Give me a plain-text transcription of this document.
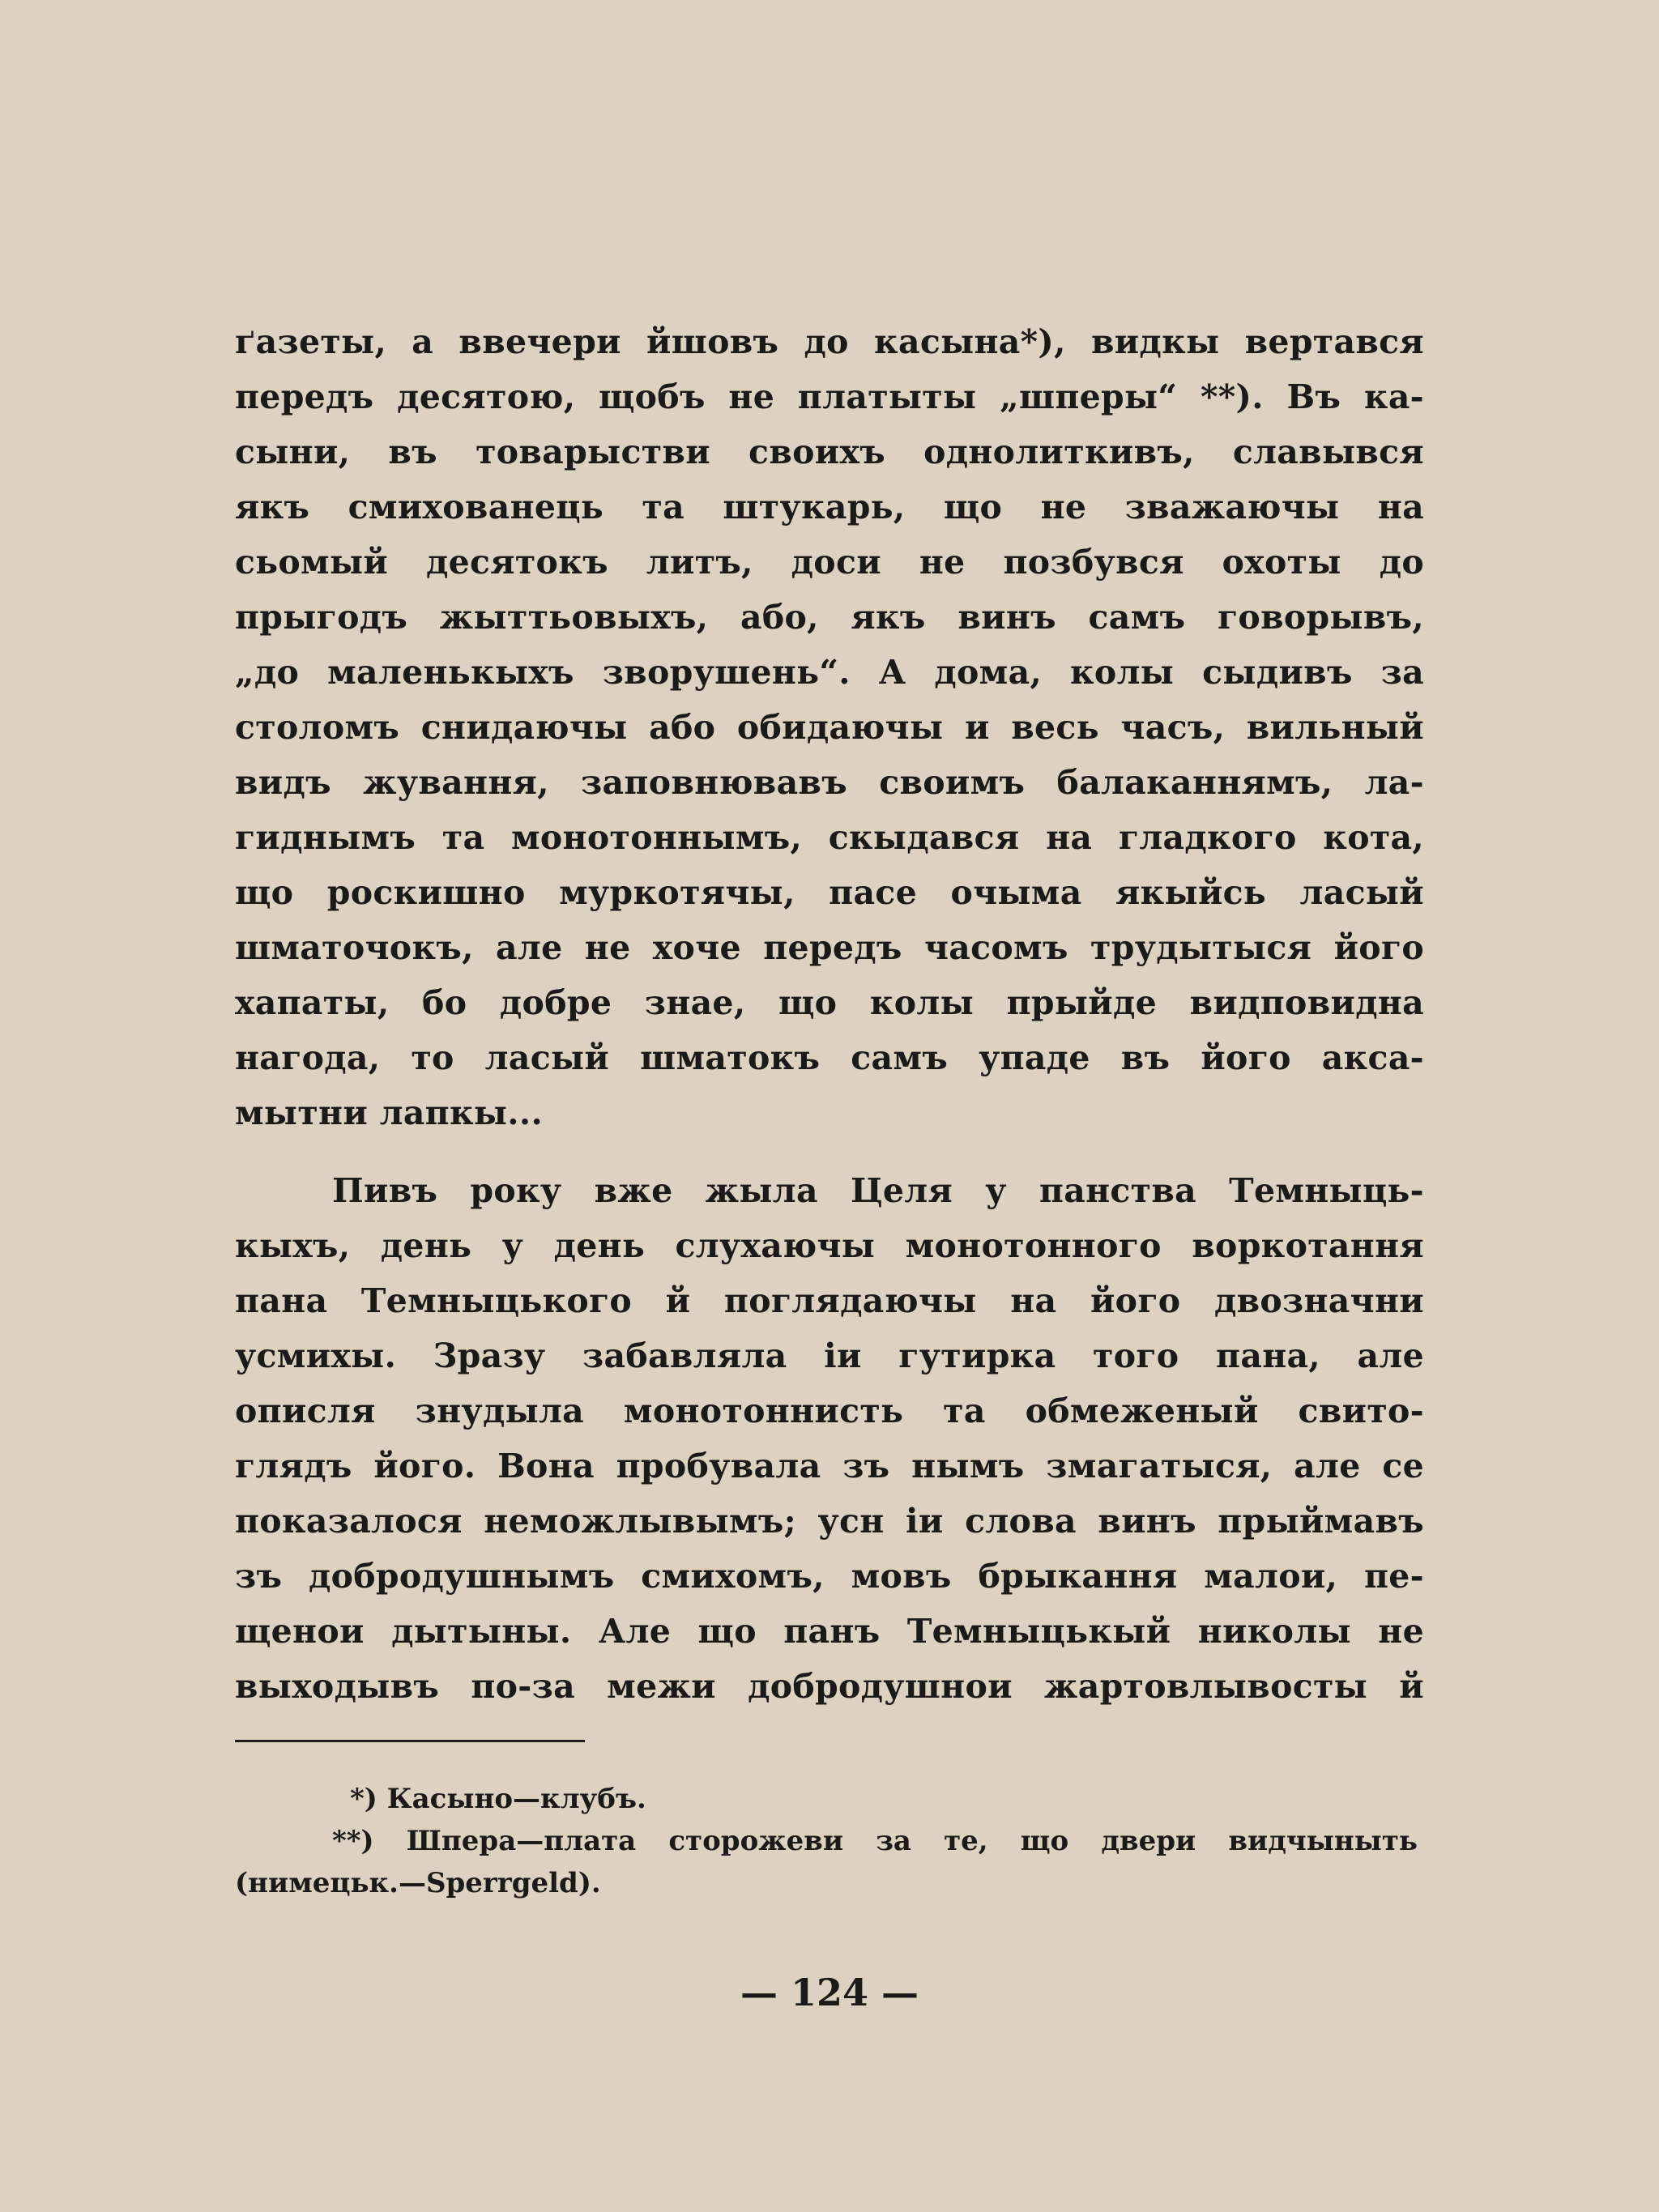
ґазеты, а ввечери йшовъ до касына*), видкы вертався
передъ десятою, щобъ не платыты „шперы“ **). Въ ка-
сыни, въ товарыстви своихъ однолиткивъ, славывся
якъ смихованець та штукарь, що не зважаючы на
сьомый десятокъ литъ, доси не позбувся охоты до
прыгодъ жыттьовыхъ, або, якъ винъ самъ говорывъ,
„до маленькыхъ зворушень“. А дома, колы сыдивъ за
столомъ снидаючы або обидаючы и весь часъ, вильный
видъ жування, заповнювавъ своимъ балаканнямъ, ла-
гиднымъ та монотоннымъ, скыдався на гладкого кота,
що роскишно муркотячы, пасе очыма якыйсь ласый
шматочокъ, але не хоче передъ часомъ трудытыся його
хапаты, бо добре знае, що колы прыйде видповидна
нагода, то ласый шматокъ самъ упаде въ його акса-
мытни лапкы...
Пивъ року вже жыла Целя у панства Темныць-
кыхъ, день у день слухаючы монотонного воркотання
пана Темныцького й поглядаючы на його двозначни
усмихы. Зразу забавляла іи гутирка того пана, але
описля знудыла монотоннисть та обмеженый свито-
глядъ його. Вона пробувала зъ нымъ змагатыся, але се
показалося неможлывымъ; усн іи слова винъ прыймавъ
зъ добродушнымъ смихомъ, мовъ брыкання малои, пе-
щенои дытыны. Але що панъ Темныцькый николы не
выходывъ по-за межи добродушнои жартовлывосты й
*) Касыно—клубъ.
**) Шпера—плата сторожеви за те, що двери видчыныть
(нимецьк.—Sperrgeld).
— 124 —
